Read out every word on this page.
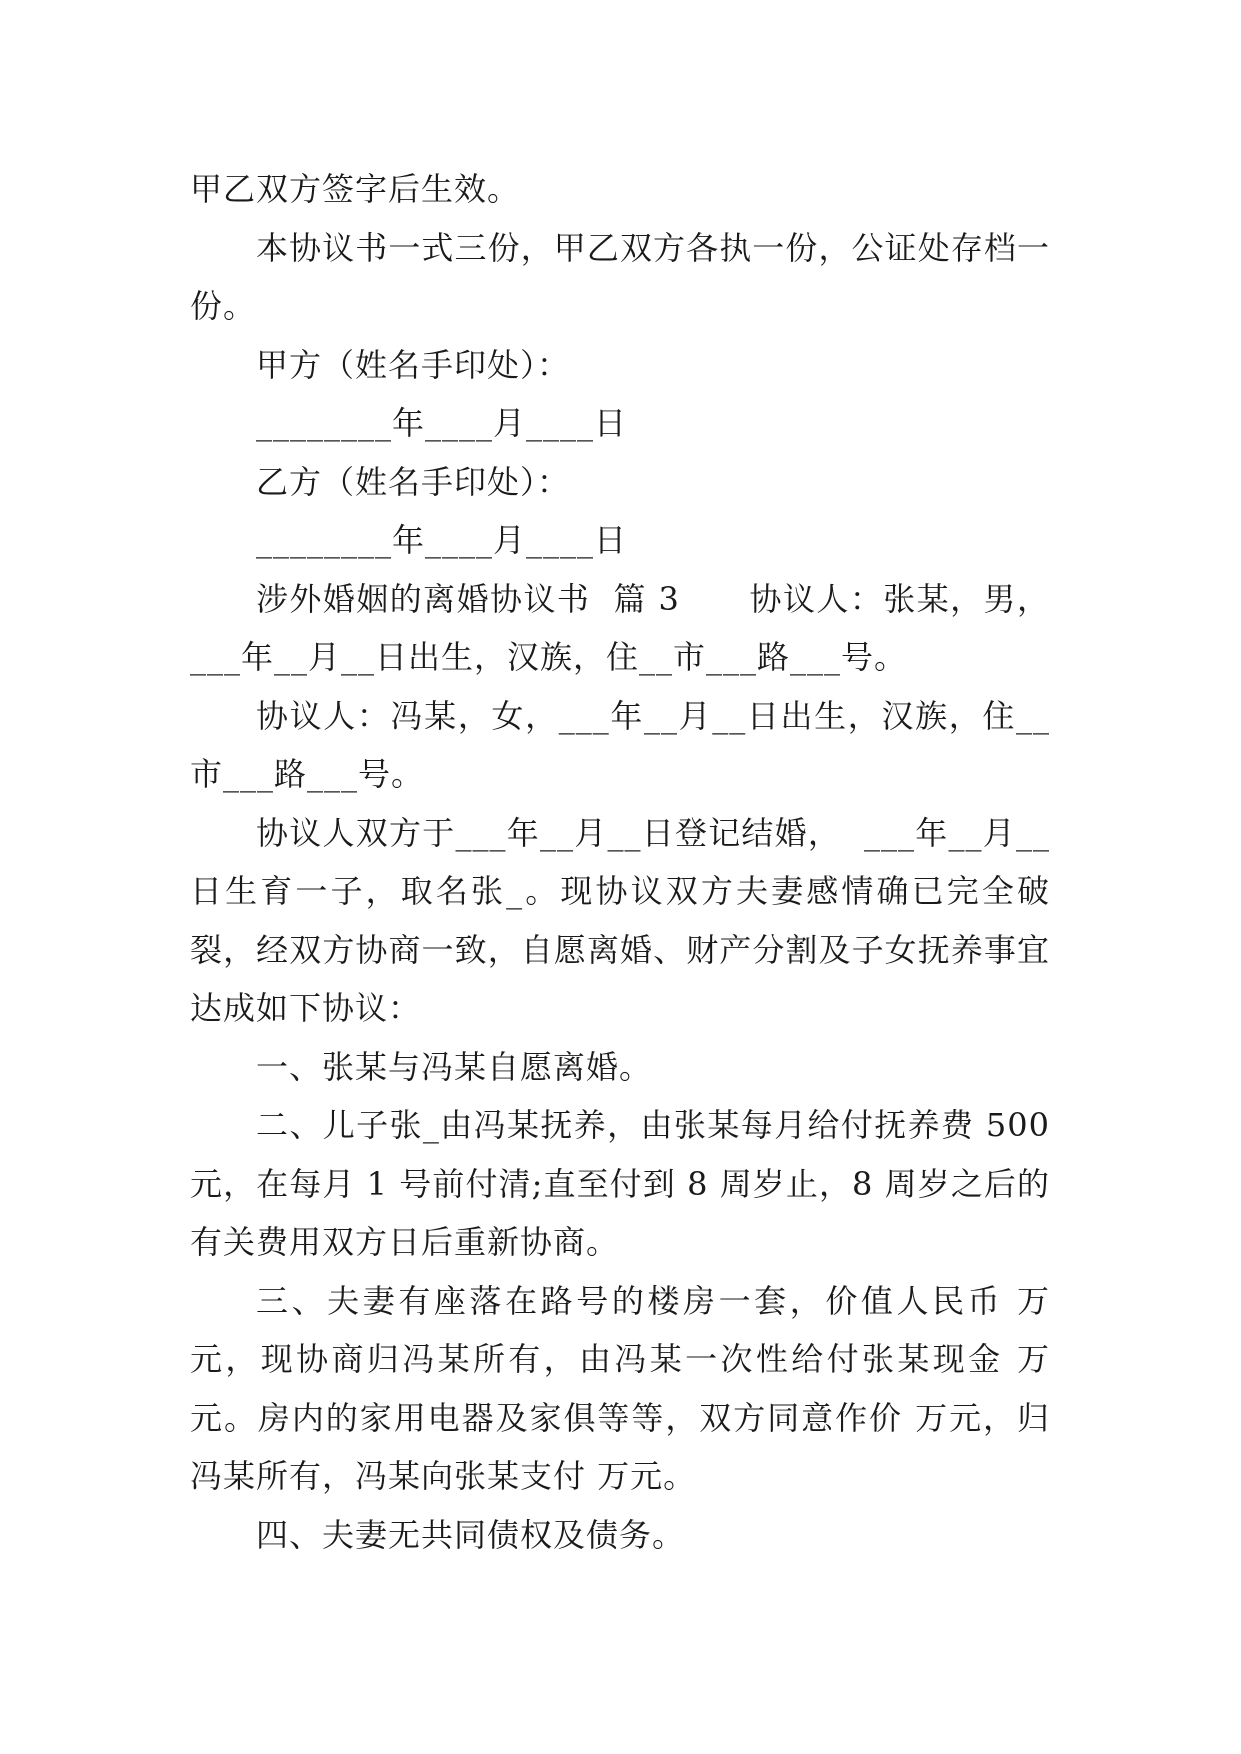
甲乙双方签字后生效。

本协议书一式三份，甲乙双方各执一份，公证处存档一份。

甲方（姓名手印处）：

________年____月____日

乙方（姓名手印处）：

________年____月____日

涉外婚姻的离婚协议书  篇 3      协议人：张某，男，___年__月__日出生，汉族，住__市___路___号。

协议人：冯某，女，___年__月__日出生，汉族，住__市___路___号。

协议人双方于___年__月__日登记结婚，  ___年__月__日生育一子，取名张_。现协议双方夫妻感情确已完全破裂，经双方协商一致，自愿离婚、财产分割及子女抚养事宜达成如下协议：

一、张某与冯某自愿离婚。

二、儿子张_由冯某抚养，由张某每月给付抚养费 500 元，在每月 1 号前付清;直至付到 8 周岁止，8 周岁之后的有关费用双方日后重新协商。

三、夫妻有座落在路号的楼房一套，价值人民币 万元，现协商归冯某所有，由冯某一次性给付张某现金 万元。房内的家用电器及家俱等等，双方同意作价 万元，归冯某所有，冯某向张某支付 万元。

四、夫妻无共同债权及债务。
